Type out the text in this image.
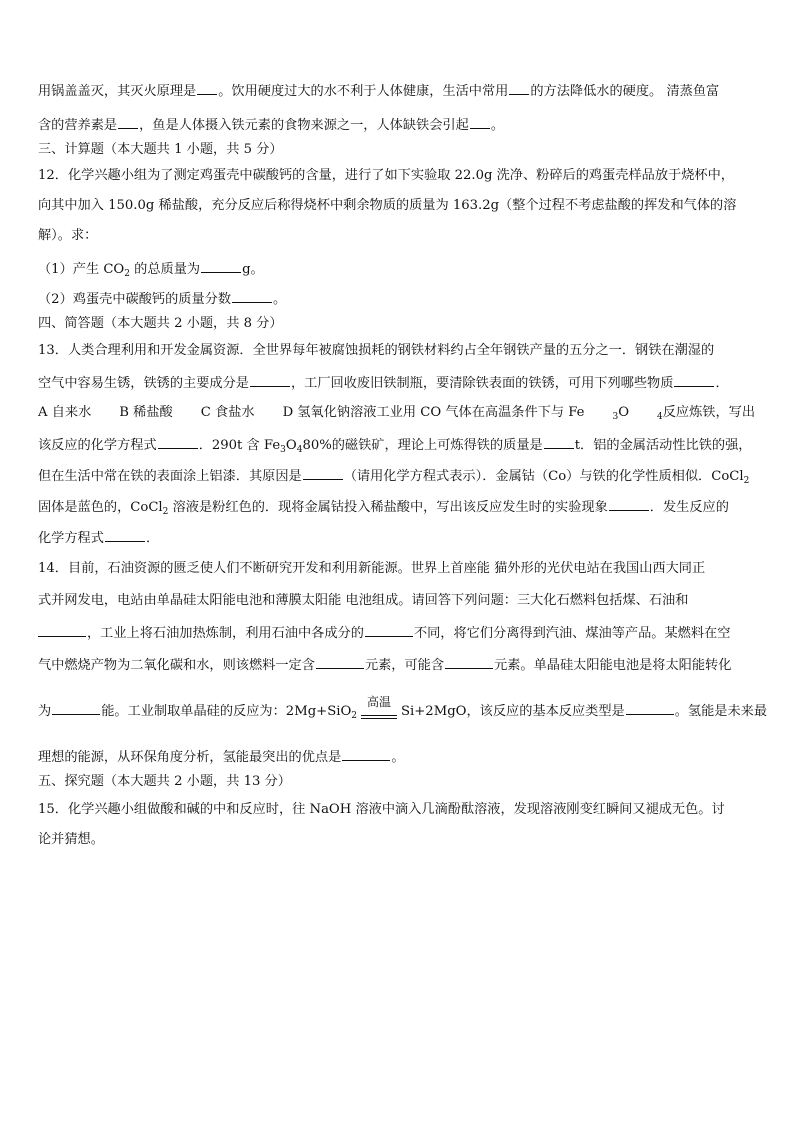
用锅盖盖灭，其灭火原理是 。饮用硬度过大的水不利于人体健康，生活中常用 的方法降低水的硬度。 清蒸鱼富
含的营养素是 ，鱼是人体摄入铁元素的食物来源之一，人体缺铁会引起 。
三、计算题（本大题共 1 小题，共 5 分）
12．化学兴趣小组为了测定鸡蛋壳中碳酸钙的含量，进行了如下实验取 22.0g 洗净、粉碎后的鸡蛋壳样品放于烧杯中，
向其中加入 150.0g 稀盐酸，充分反应后称得烧杯中剩余物质的质量为 163.2g（整个过程不考虑盐酸的挥发和气体的溶
解）。求：
（1）产生 $CO_2$ 的总质量为	g。
（2）鸡蛋壳中碳酸钙的质量分数	。
四、简答题（本大题共 2 小题，共 8 分）
13．人类合理利用和开发金属资源．全世界每年被腐蚀损耗的钢铁材料约占全年钢铁产量的五分之一．钢铁在潮湿的
空气中容易生锈，铁锈的主要成分是	，工厂回收废旧铁制瓶，要清除铁表面的铁锈，可用下列哪些物质	．
A 自来水 B 稀盐酸 C 食盐水 D 氢氧化钠溶液工业用 CO 气体在高温条件下与 Fe	$_3$O	$_4$反应炼铁，写出
该反应的化学方程式	．290t 含 $Fe_3O_480\%$的磁铁矿，理论上可炼得铁的质量是 t．铝的金属活动性比铁的强，
但在生活中常在铁的表面涂上铝漆．其原因是	（请用化学方程式表示）．金属钴（Co）与铁的化学性质相似．CoCl$_2$
固体是蓝色的，CoCl$_2$ 溶液是粉红色的．现将金属钴投入稀盐酸中，写出该反应发生时的实验现象	．发生反应的
化学方程式	．
14．目前，石油资源的匮乏使人们不断研究开发和利用新能源。世界上首座能 猫外形的光伏电站在我国山西大同正
式并网发电，电站由单晶硅太阳能电池和薄膜太阳能 电池组成。请回答下列问题：三大化石燃料包括煤、石油和
，工业上将石油加热炼制，利用石油中各成分的	不同，将它们分离得到汽油、煤油等产品。某燃料在空
气中燃烧产物为二氧化碳和水，则该燃料一定含	元素，可能含	元素。单晶硅太阳能电池是将太阳能转化
为	能。工业制取单晶硅的反应为：2Mg+SiO$_2$
高温
Si+2MgO，该反应的基本反应类型是	。氢能是未来最
理想的能源，从环保角度分析，氢能最突出的优点是	。
五、探究题（本大题共 2 小题，共 13 分）
15．化学兴趣小组做酸和碱的中和反应时，往 NaOH 溶液中滴入几滴酚酞溶液，发现溶液刚变红瞬间又褪成无色。讨
论并猜想。
